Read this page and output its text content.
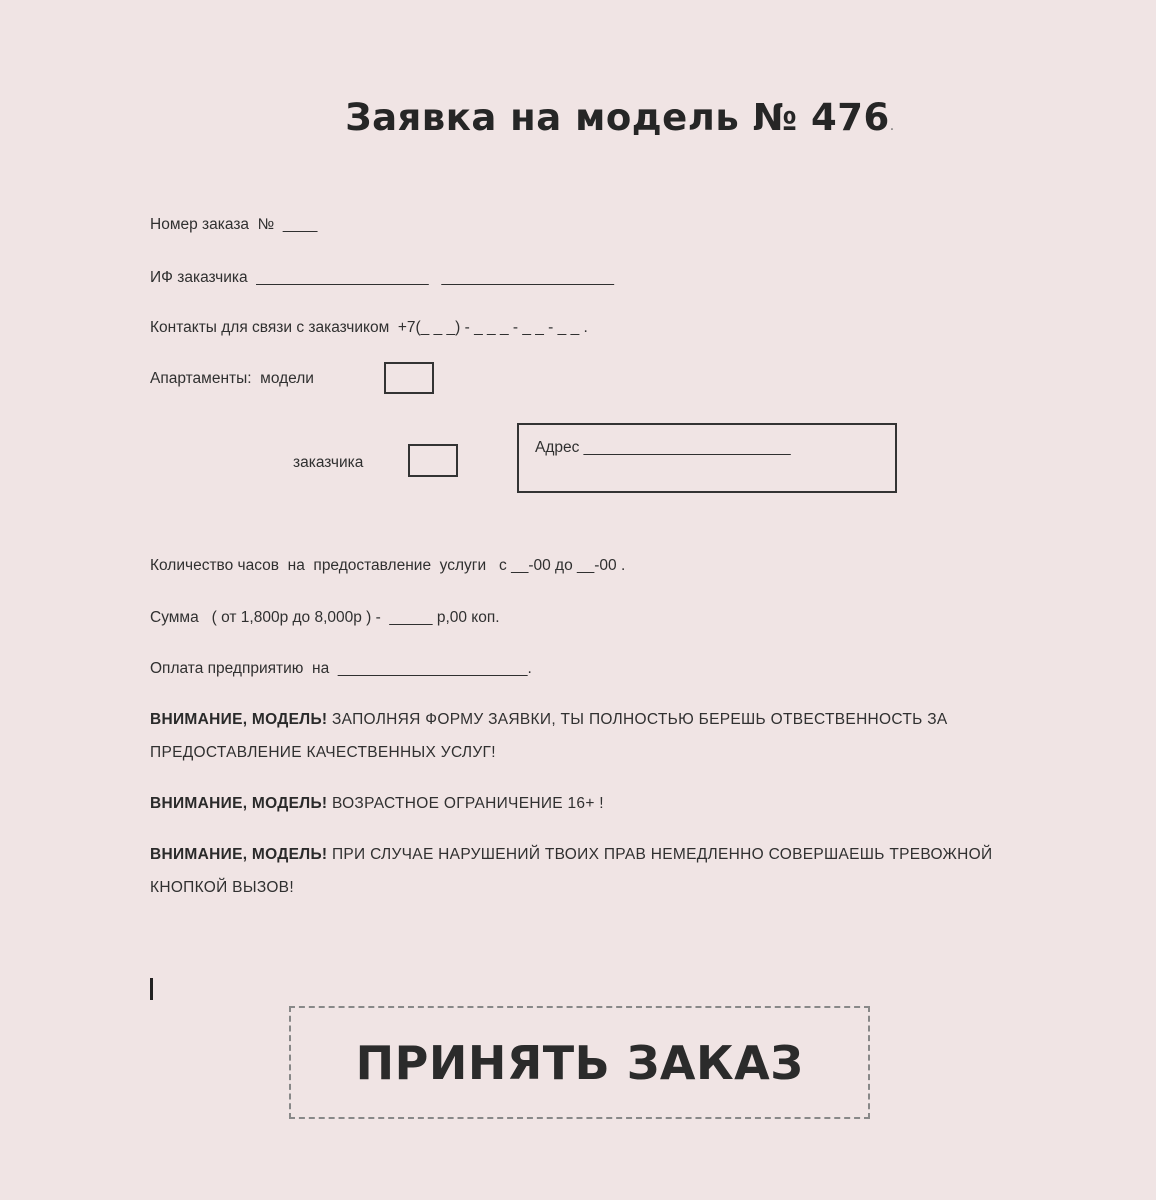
Заявка на модель № 476.
Номер заказа  №  ____
ИФ заказчика  ____________________   ____________________
Контакты для связи с заказчиком  +7(_ _ _) - _ _ _ - _ _ - _ _ .
Апартаменты:  модели
заказчика
Адрес ________________________
Количество часов  на  предоставление  услуги   с __-00 до __-00 .
Сумма   ( от 1,800р до 8,000р ) -  _____ р,00 коп.
Оплата предприятию  на  ______________________.
ВНИМАНИЕ, МОДЕЛЬ! ЗАПОЛНЯЯ ФОРМУ ЗАЯВКИ, ТЫ ПОЛНОСТЬЮ БЕРЕШЬ ОТВЕСТВЕННОСТЬ ЗА ПРЕДОСТАВЛЕНИЕ КАЧЕСТВЕННЫХ УСЛУГ!
ВНИМАНИЕ, МОДЕЛЬ! ВОЗРАСТНОЕ ОГРАНИЧЕНИЕ 16+ !
ВНИМАНИЕ, МОДЕЛЬ! ПРИ СЛУЧАЕ НАРУШЕНИЙ ТВОИХ ПРАВ НЕМЕДЛЕННО СОВЕРШАЕШЬ ТРЕВОЖНОЙ КНОПКОЙ ВЫЗОВ!
ПРИНЯТЬ ЗАКАЗ
